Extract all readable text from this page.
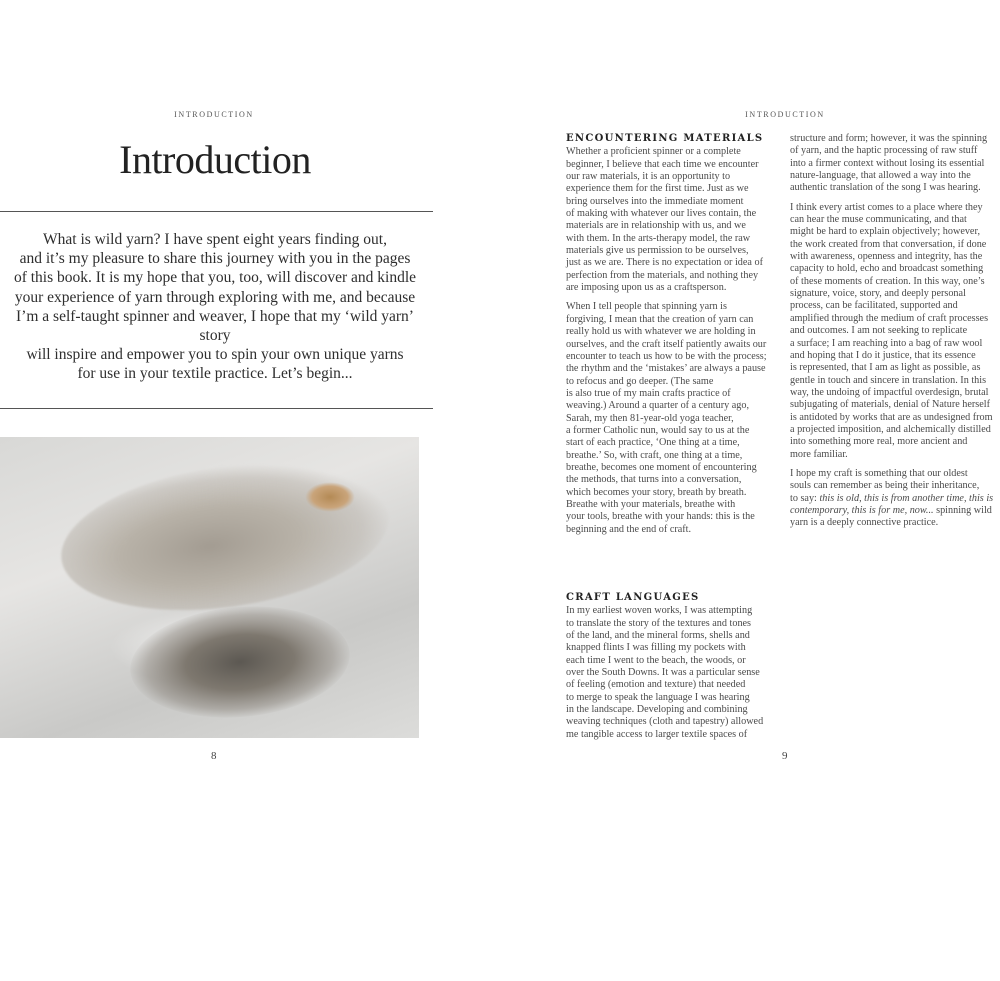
INTRODUCTION
Introduction
What is wild yarn? I have spent eight years finding out,
and it’s my pleasure to share this journey with you in the pages
of this book. It is my hope that you, too, will discover and kindle
your experience of yarn through exploring with me, and because
I’m a self-taught spinner and weaver, I hope that my ‘wild yarn’ story
will inspire and empower you to spin your own unique yarns
for use in your textile practice. Let’s begin...
8
INTRODUCTION
ENCOUNTERING MATERIALS
Whether a proficient spinner or a complete
beginner, I believe that each time we encounter
our raw materials, it is an opportunity to
experience them for the first time. Just as we
bring ourselves into the immediate moment
of making with whatever our lives contain, the
materials are in relationship with us, and we
with them. In the arts-therapy model, the raw
materials give us permission to be ourselves,
just as we are. There is no expectation or idea of
perfection from the materials, and nothing they
are imposing upon us as a craftsperson.
When I tell people that spinning yarn is
forgiving, I mean that the creation of yarn can
really hold us with whatever we are holding in
ourselves, and the craft itself patiently awaits our
encounter to teach us how to be with the process;
the rhythm and the ‘mistakes’ are always a pause
to refocus and go deeper. (The same
is also true of my main crafts practice of
weaving.) Around a quarter of a century ago,
Sarah, my then 81-year-old yoga teacher,
a former Catholic nun, would say to us at the
start of each practice, ‘One thing at a time,
breathe.’ So, with craft, one thing at a time,
breathe, becomes one moment of encountering
the methods, that turns into a conversation,
which becomes your story, breath by breath.
Breathe with your materials, breathe with
your tools, breathe with your hands: this is the
beginning and the end of craft.
CRAFT LANGUAGES
In my earliest woven works, I was attempting
to translate the story of the textures and tones
of the land, and the mineral forms, shells and
knapped flints I was filling my pockets with
each time I went to the beach, the woods, or
over the South Downs. It was a particular sense
of feeling (emotion and texture) that needed
to merge to speak the language I was hearing
in the landscape. Developing and combining
weaving techniques (cloth and tapestry) allowed
me tangible access to larger textile spaces of
structure and form; however, it was the spinning
of yarn, and the haptic processing of raw stuff
into a firmer context without losing its essential
nature-language, that allowed a way into the
authentic translation of the song I was hearing.
I think every artist comes to a place where they
can hear the muse communicating, and that
might be hard to explain objectively; however,
the work created from that conversation, if done
with awareness, openness and integrity, has the
capacity to hold, echo and broadcast something
of these moments of creation. In this way, one’s
signature, voice, story, and deeply personal
process, can be facilitated, supported and
amplified through the medium of craft processes
and outcomes. I am not seeking to replicate
a surface; I am reaching into a bag of raw wool
and hoping that I do it justice, that its essence
is represented, that I am as light as possible, as
gentle in touch and sincere in translation. In this
way, the undoing of impactful overdesign, brutal
subjugating of materials, denial of Nature herself
is antidoted by works that are as undesigned from
a projected imposition, and alchemically distilled
into something more real, more ancient and
more familiar.
I hope my craft is something that our oldest
souls can remember as being their inheritance,
to say: this is old, this is from another time, this is
contemporary, this is for me, now... spinning wild
yarn is a deeply connective practice.
9
